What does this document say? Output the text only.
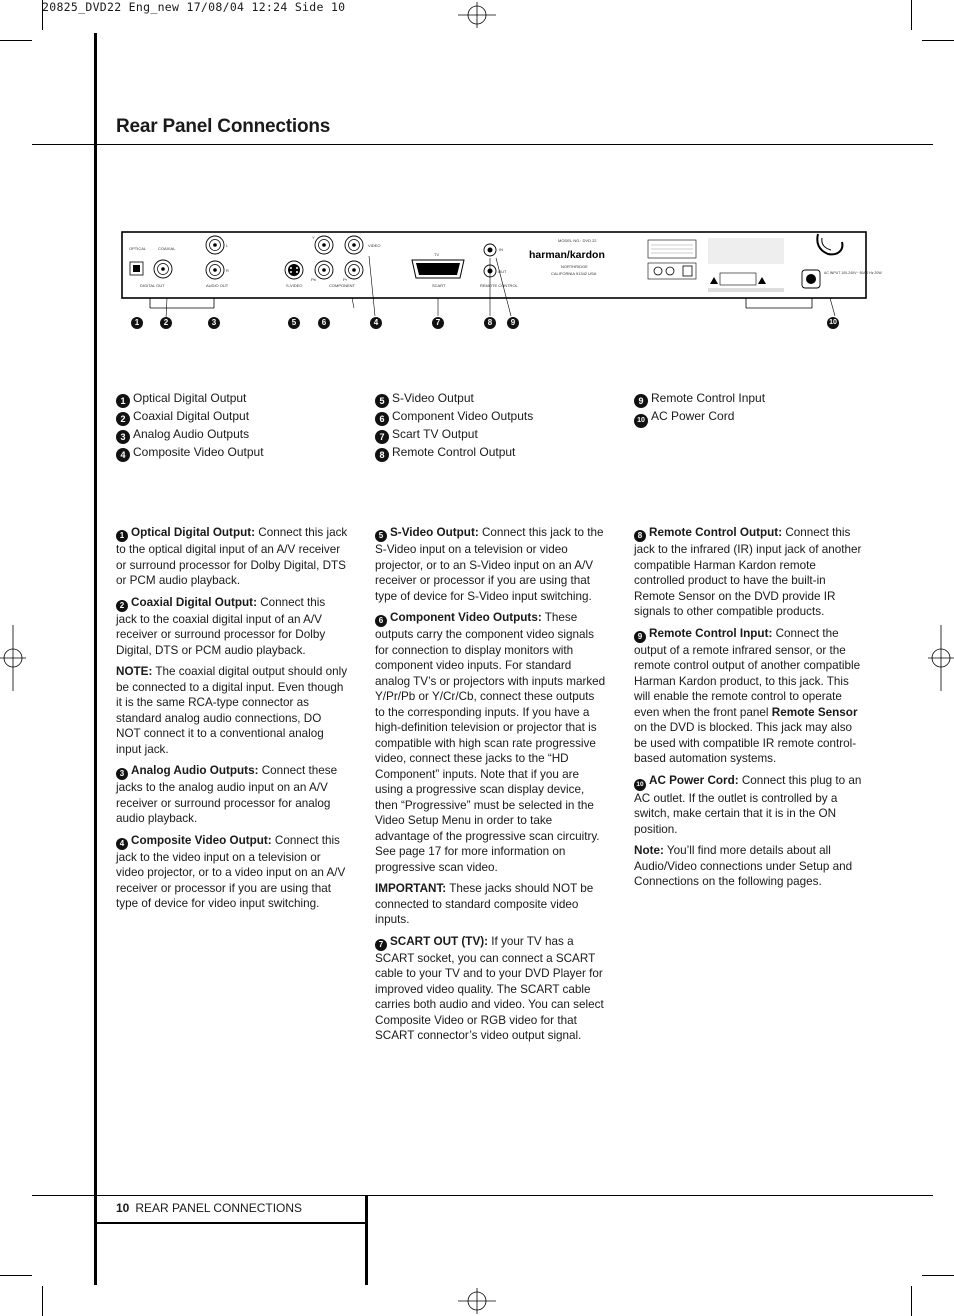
20825_DVD22 Eng_new 17/08/04 12:24 Side 10
Rear Panel Connections
OPTICAL	COAXIAL
DIGITAL OUT
L
R
AUDIO OUT	S-VIDEO
Y
Pb	Pr
VIDEO
COMPONENT
TV
SCART
IN
OUT
REMOTE CONTROL
MODEL NO.: DVD 22
harman/kardon
NORTHRIDGE
CALIFORNIA 91342 USA	AC INPUT 100-240V~ 50/60 Hz 20W
1	2	3	5	6	4	7	8	9	10
1 Optical Digital Output
2 Coaxial Digital Output
3 Analog Audio Outputs
4 Composite Video Output
5 S-Video Output
6 Component Video Outputs
7 Scart TV Output
8 Remote Control Output
9 Remote Control Input
10 AC Power Cord

1 Optical Digital Output: Connect this jack to the optical digital input of an A/V receiver or surround processor for Dolby Digital, DTS or PCM audio playback.

2 Coaxial Digital Output: Connect this jack to the coaxial digital input of an A/V receiver or surround processor for Dolby Digital, DTS or PCM audio playback.

NOTE: The coaxial digital output should only be connected to a digital input. Even though it is the same RCA-type connector as standard analog audio connections, DO NOT connect it to a conventional analog input jack.

3 Analog Audio Outputs: Connect these jacks to the analog audio input on an A/V receiver or surround processor for analog audio playback.

4 Composite Video Output: Connect this jack to the video input on a television or video projector, or to a video input on an A/V receiver or processor if you are using that type of device for video input switching.

5 S-Video Output: Connect this jack to the S-Video input on a television or video projector, or to an S-Video input on an A/V receiver or processor if you are using that type of device for S-Video input switching.

6 Component Video Outputs: These outputs carry the component video signals for connection to display monitors with component video inputs. For standard analog TV’s or projectors with inputs marked Y/Pr/Pb or Y/Cr/Cb, connect these outputs to the corresponding inputs. If you have a high-definition television or projector that is compatible with high scan rate progressive video, connect these jacks to the “HD Component” inputs. Note that if you are using a progressive scan display device, then “Progressive” must be selected in the Video Setup Menu in order to take advantage of the progressive scan circuitry. See page 17 for more information on progressive scan video.

IMPORTANT: These jacks should NOT be connected to standard composite video inputs.

7 SCART OUT (TV): If your TV has a SCART socket, you can connect a SCART cable to your TV and to your DVD Player for improved video quality. The SCART cable carries both audio and video. You can select Composite Video or RGB video for that SCART connector’s video output signal.

8 Remote Control Output: Connect this jack to the infrared (IR) input jack of another compatible Harman Kardon remote controlled product to have the built-in Remote Sensor on the DVD provide IR signals to other compatible products.

9 Remote Control Input: Connect the output of a remote infrared sensor, or the remote control output of another compatible Harman Kardon product, to this jack. This will enable the remote control to operate even when the front panel Remote Sensor on the DVD is blocked. This jack may also be used with compatible IR remote control-based automation systems.

10 AC Power Cord: Connect this plug to an AC outlet. If the outlet is controlled by a switch, make certain that it is in the ON position.

Note: You’ll find more details about all Audio/Video connections under Setup and Connections on the following pages.

10 REAR PANEL CONNECTIONS
